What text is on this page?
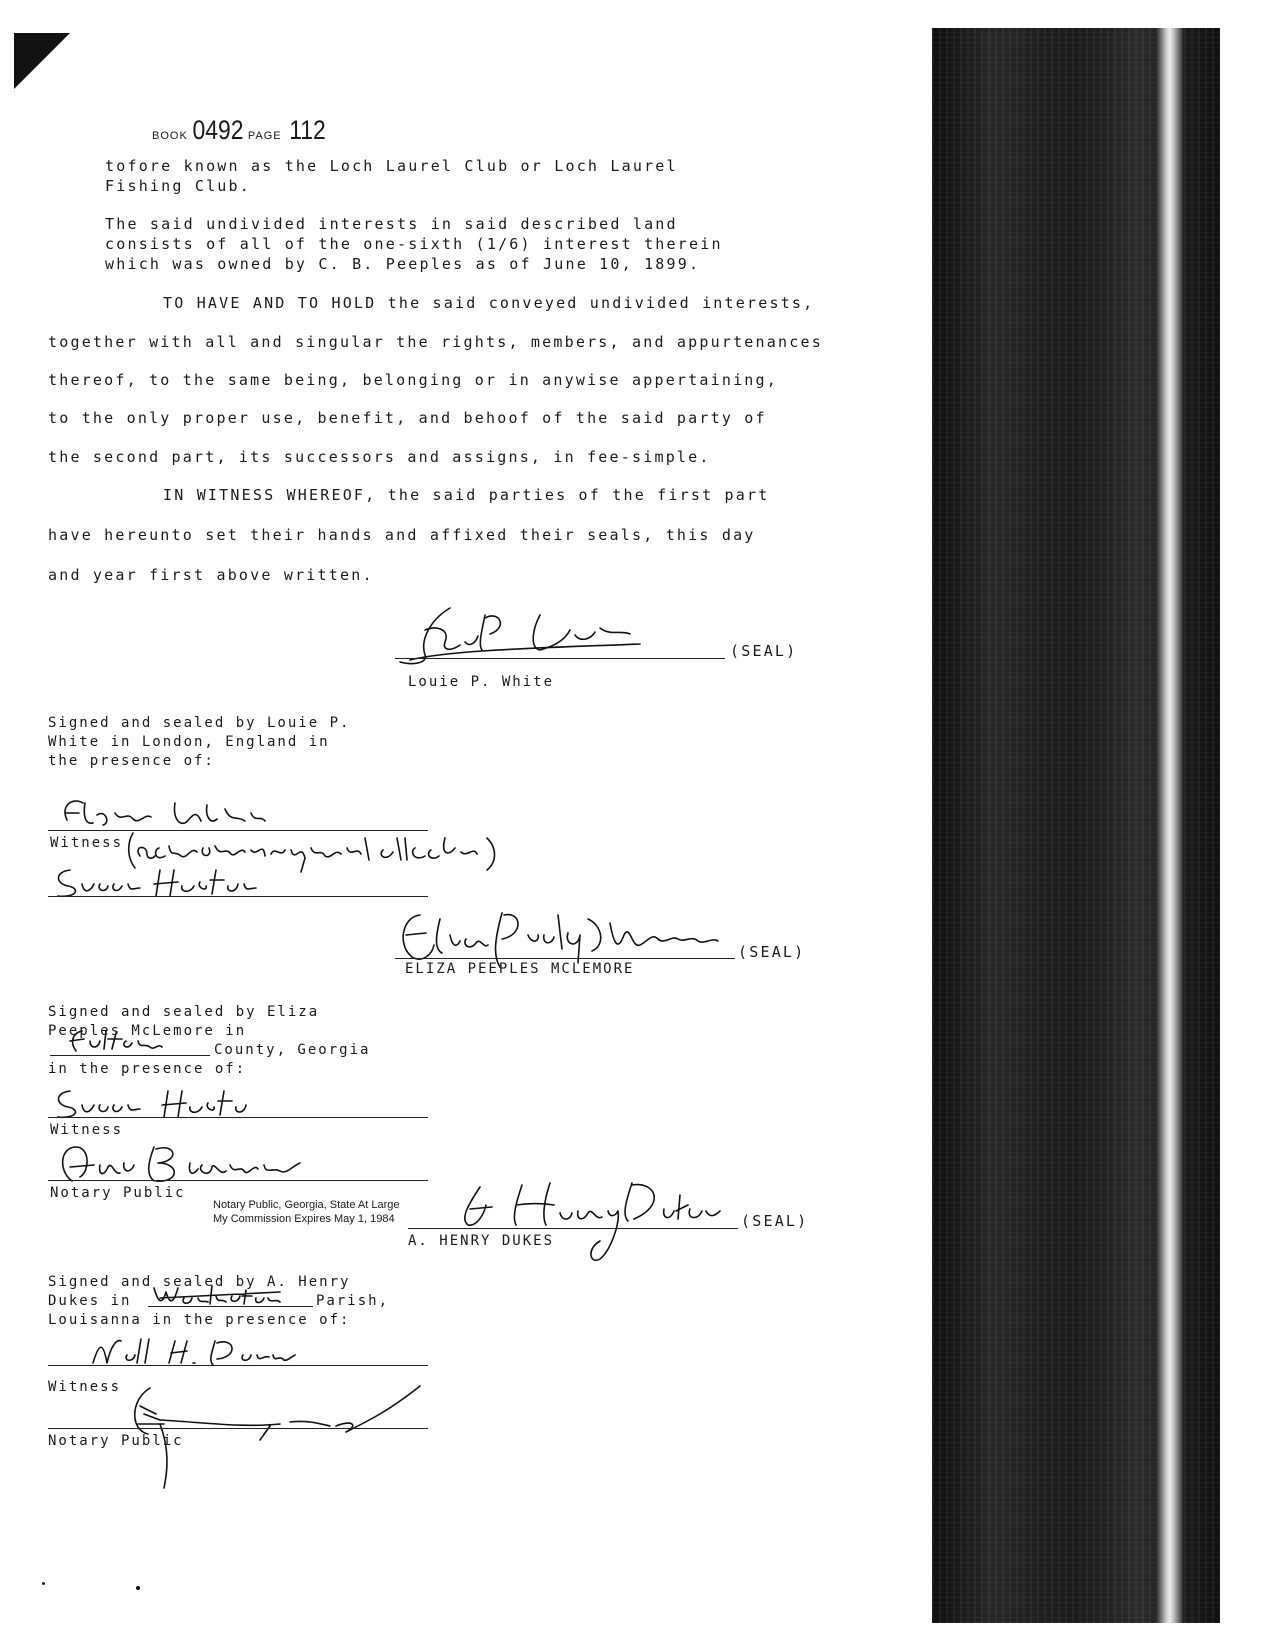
BOOK 0492 PAGE 112
tofore known as the Loch Laurel Club or Loch Laurel
Fishing Club.
The said undivided interests in said described land
consists of all of the one-sixth (1/6) interest therein
which was owned by C. B. Peeples as of June 10, 1899.
TO HAVE AND TO HOLD the said conveyed undivided interests,
together with all and singular the rights, members, and appurtenances
thereof, to the same being, belonging or in anywise appertaining,
to the only proper use, benefit, and behoof of the said party of
the second part, its successors and assigns, in fee-simple.
IN WITNESS WHEREOF, the said parties of the first part
have hereunto set their hands and affixed their seals, this day
and year first above written.
(SEAL)
Louie P. White
Signed and sealed by Louie P.
White in London, England in
the presence of:
Witness
(SEAL)
ELIZA PEEPLES MCLEMORE
Signed and sealed by Eliza
Peeples McLemore in
County, Georgia
in the presence of:
Witness
Notary Public
Notary Public, Georgia, State At Large
My Commission Expires May 1, 1984	(SEAL)
A. HENRY DUKES
Signed and sealed by A. Henry
Dukes in	Parish,
Louisanna in the presence of:
Witness
Notary Public
